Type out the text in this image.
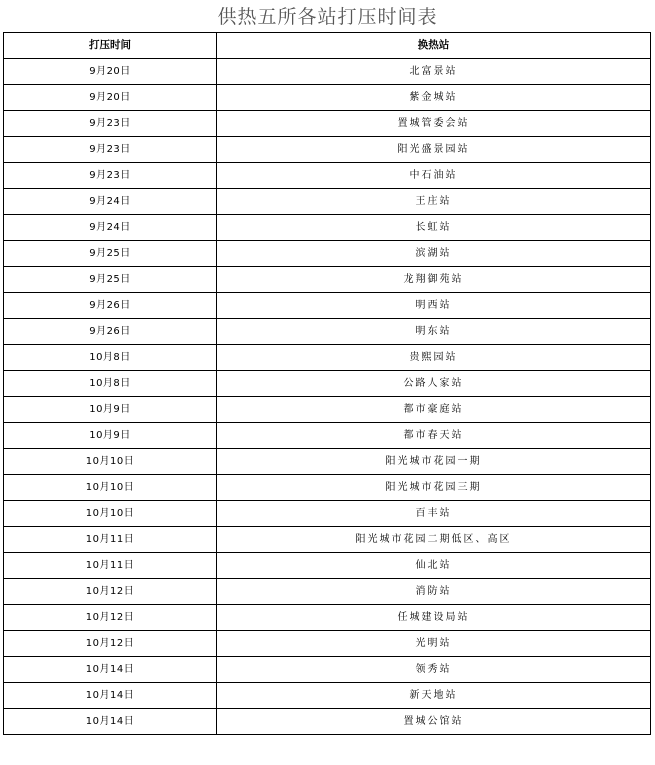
供热五所各站打压时间表
打压时间	换热站
9月20日	北富景站
9月20日	紫金城站
9月23日	置城管委会站
9月23日	阳光盛景园站
9月23日	中石油站
9月24日	王庄站
9月24日	长虹站
9月25日	滨湖站
9月25日	龙翔御苑站
9月26日	明西站
9月26日	明东站
10月8日	贵熙园站
10月8日	公路人家站
10月9日	都市豪庭站
10月9日	都市春天站
10月10日	阳光城市花园一期
10月10日	阳光城市花园三期
10月10日	百丰站
10月11日	阳光城市花园二期低区、高区
10月11日	仙北站
10月12日	消防站
10月12日	任城建设局站
10月12日	光明站
10月14日	领秀站
10月14日	新天地站
10月14日	置城公馆站
